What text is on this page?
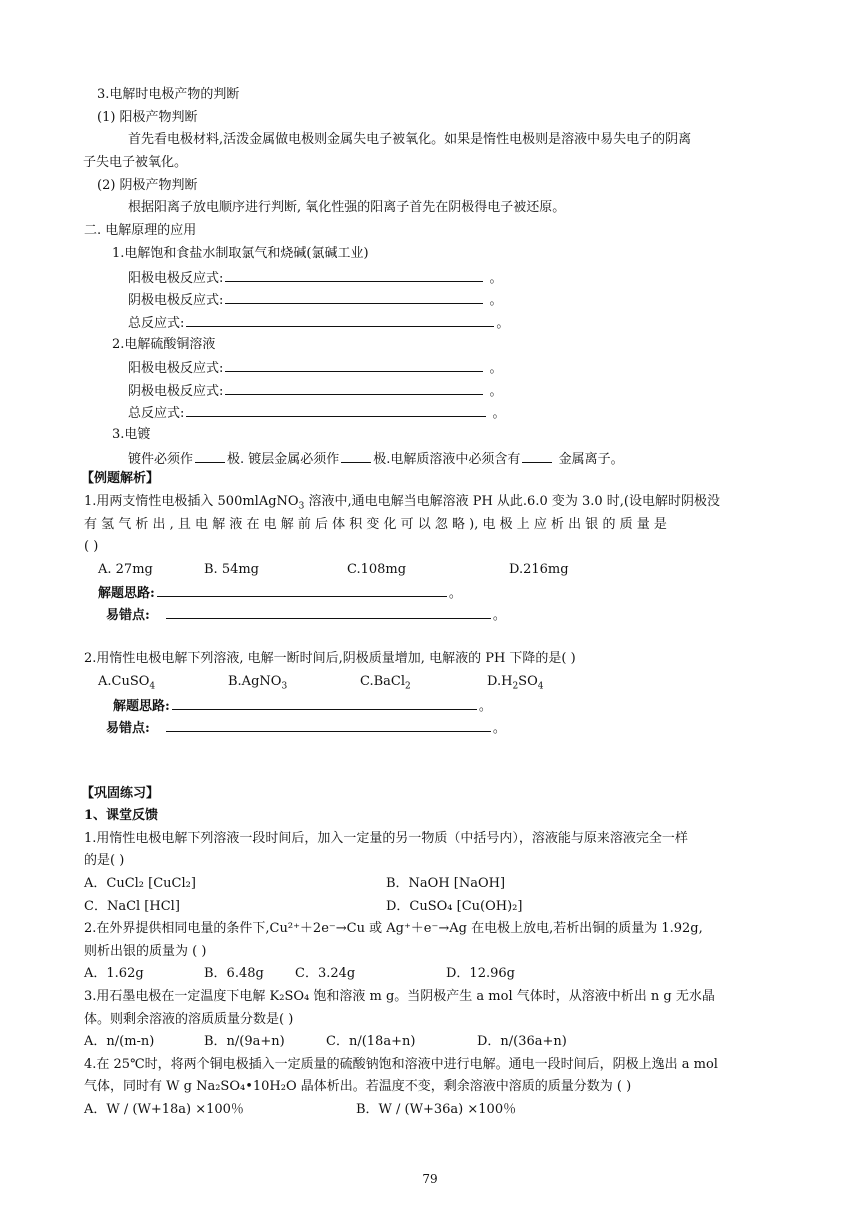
3.电解时电极产物的判断
(1) 阳极产物判断
首先看电极材料,活泼金属做电极则金属失电子被氧化。如果是惰性电极则是溶液中易失电子的阴离
子失电子被氧化。
(2) 阴极产物判断
根据阳离子放电顺序进行判断, 氧化性强的阳离子首先在阴极得电子被还原。
二. 电解原理的应用
1.电解饱和食盐水制取氯气和烧碱(氯碱工业)
阳极电极反应式:	。
阴极电极反应式:	。
总反应式:	。
2.电解硫酸铜溶液
阳极电极反应式:	。
阴极电极反应式:	。
总反应式:	。
3.电镀
镀件必须作	极. 镀层金属必须作	极.电解质溶液中必须含有	金属离子。
【例题解析】
1.用两支惰性电极插入 500mlAgNO$_3$ 溶液中,通电电解当电解溶液 PH 从此.6.0 变为 3.0 时,(设电解时阴极没
有 氢 气 析 出 , 且 电 解 液 在 电 解 前 后 体 积 变 化 可 以 忽 略 ), 电 极 上 应 析 出 银 的 质 量 是
( )
A. 27mg	B. 54mg	C.108mg	D.216mg
解题思路:	。
易错点:	。
2.用惰性电极电解下列溶液, 电解一断时间后,阴极质量增加, 电解液的 PH 下降的是( )
A.CuSO$_4$	B.AgNO$_3$	C.BaCl$_2$	$D.H_2SO_4$
解题思路:	。
易错点:	。
【巩固练习】
1、课堂反馈
1.用惰性电极电解下列溶液一段时间后，加入一定量的另一物质（中括号内），溶液能与原来溶液完全一样
的是( )
A．CuCl₂ [CuCl₂]	B．NaOH [NaOH]
C．NaCl [HCl]	D．CuSO₄ [Cu(OH)₂]
2.在外界提供相同电量的条件下,Cu²⁺＋2e⁻→Cu 或 Ag⁺＋e⁻→Ag 在电极上放电,若析出铜的质量为 1.92g,
则析出银的质量为 ( )
A．1.62g	B．6.48g C．3.24g	D．12.96g
3.用石墨电极在一定温度下电解 K₂SO₄ 饱和溶液 m g。当阴极产生 a mol 气体时，从溶液中析出 n g 无水晶
体。则剩余溶液的溶质质量分数是( )
A．n/(m-n)	B．n/(9a+n)	C．n/(18a+n)	D．n/(36a+n)
4.在 25℃时，将两个铜电极插入一定质量的硫酸钠饱和溶液中进行电解。通电一段时间后，阴极上逸出 a mol
气体，同时有 W g Na₂SO₄•10H₂O 晶体析出。若温度不变，剩余溶液中溶质的质量分数为 ( )
A．W / (W+18a) ×100％	B．W / (W+36a) ×100％
79
